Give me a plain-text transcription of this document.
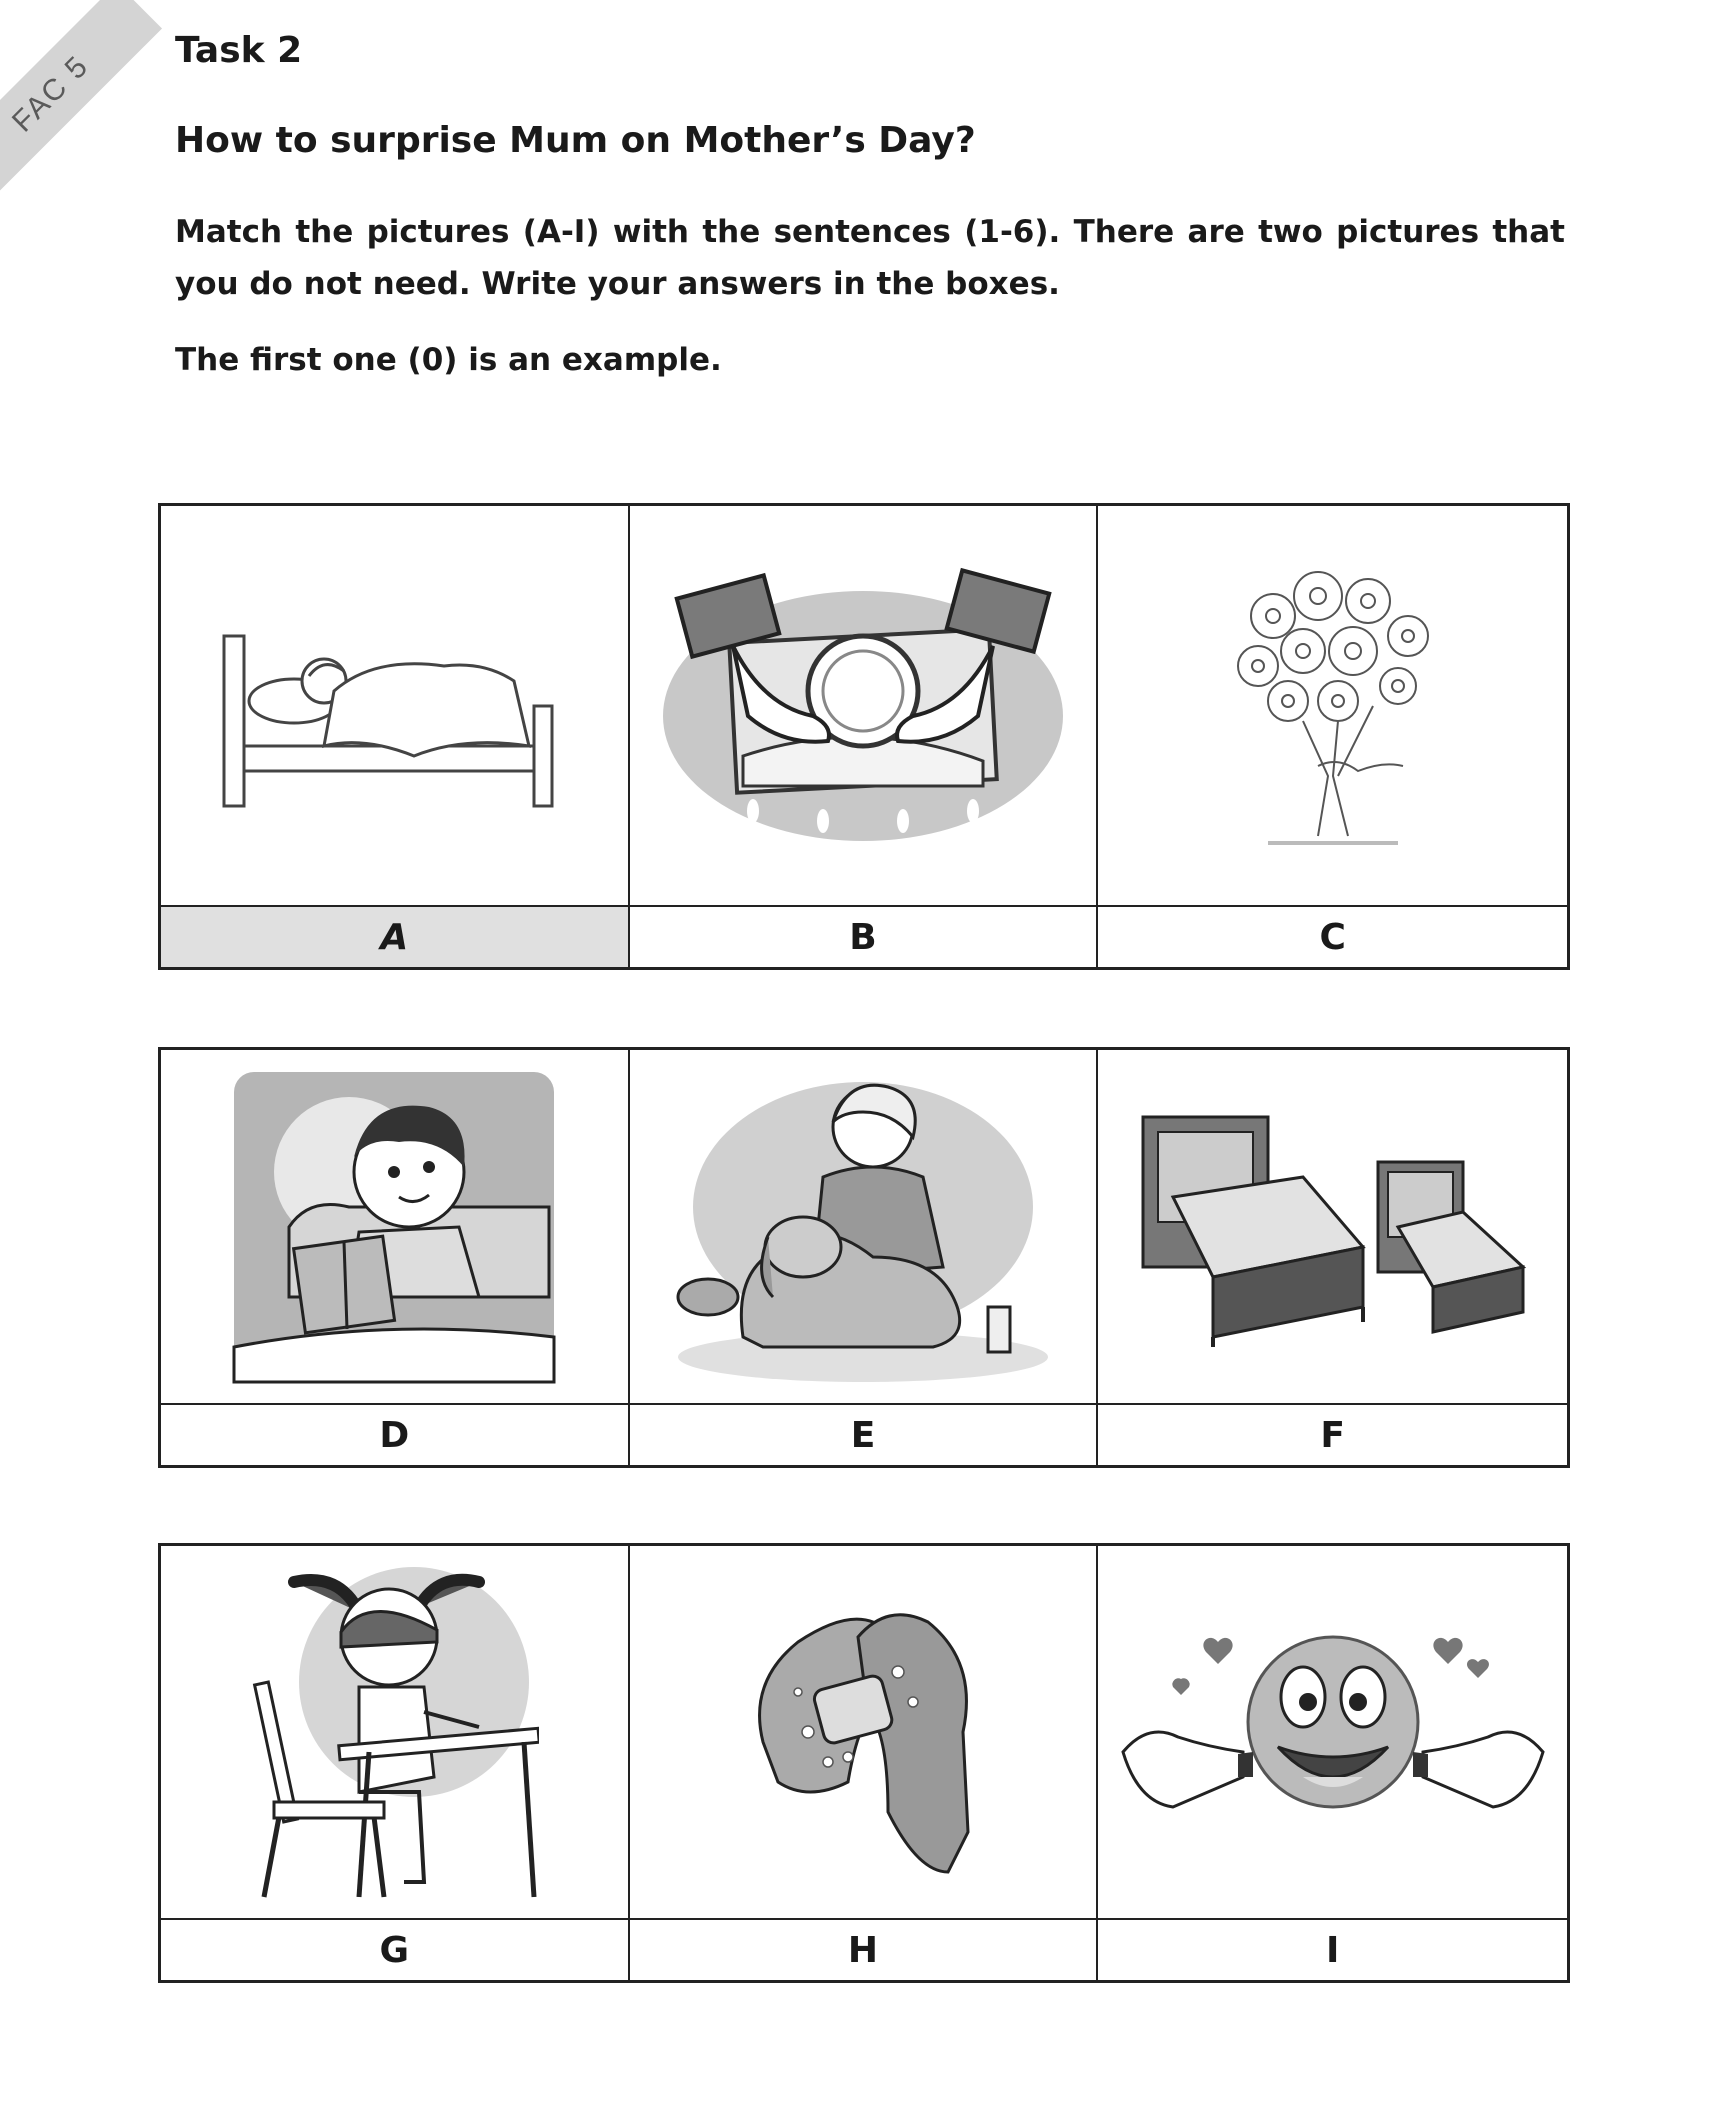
FAC 5 Task 2
How to surprise Mum on Mother’s Day?
Match the pictures (A-I) with the sentences (1-6). There are two pictures that you do not need. Write your answers in the boxes.
The first one (0) is an example.
A	B	C
D	E	F
G	H	I
